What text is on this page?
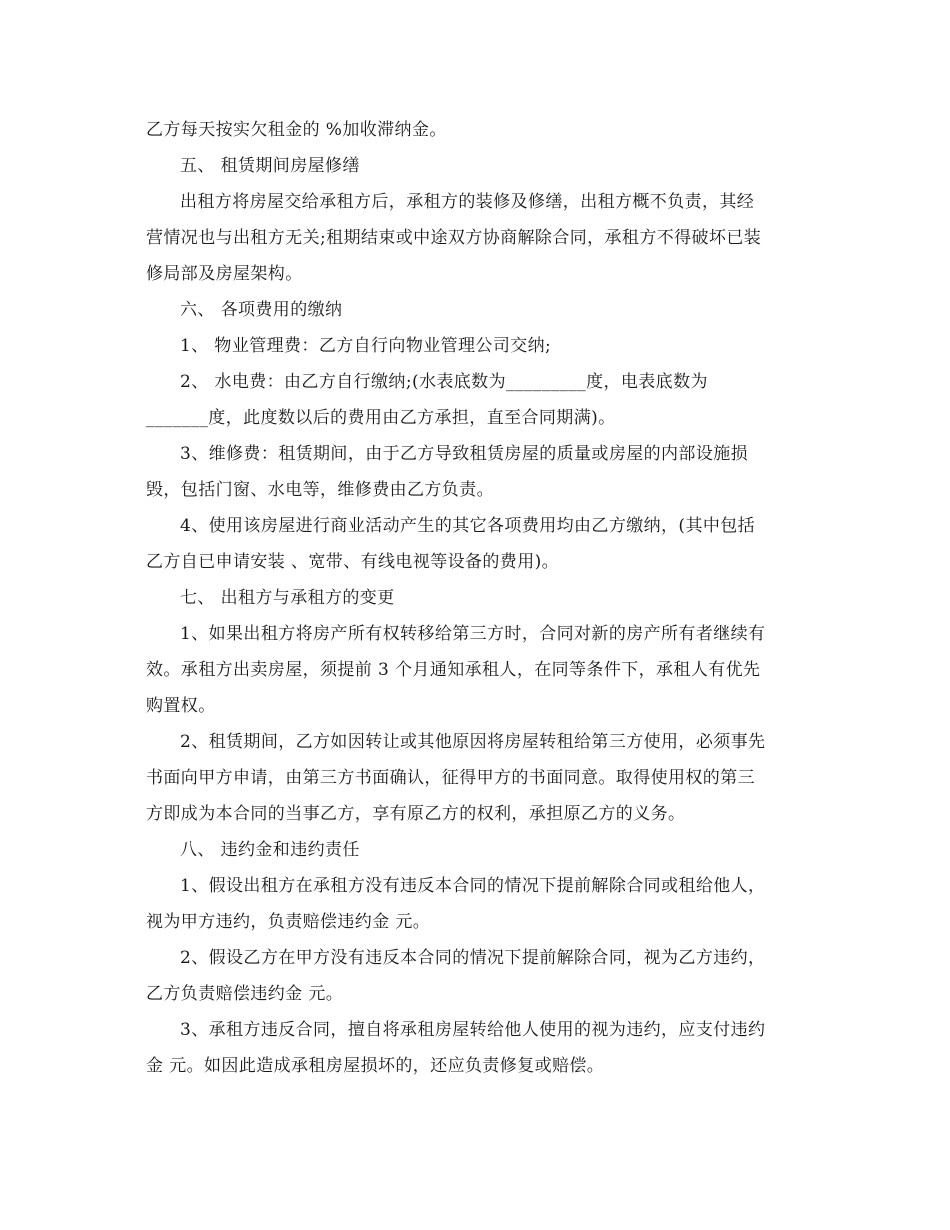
乙方每天按实欠租金的 %加收滞纳金。
五、 租赁期间房屋修缮
出租方将房屋交给承租方后，承租方的装修及修缮，出租方概不负责，其经
营情况也与出租方无关;租期结束或中途双方协商解除合同，承租方不得破坏已装
修局部及房屋架构。
六、 各项费用的缴纳
1、 物业管理费：乙方自行向物业管理公司交纳;
2、 水电费：由乙方自行缴纳;(水表底数为_________度，电表底数为
_______度，此度数以后的费用由乙方承担，直至合同期满)。
3、维修费：租赁期间，由于乙方导致租赁房屋的质量或房屋的内部设施损
毁，包括门窗、水电等，维修费由乙方负责。
4、使用该房屋进行商业活动产生的其它各项费用均由乙方缴纳，(其中包括
乙方自已申请安装 、宽带、有线电视等设备的费用)。
七、 出租方与承租方的变更
1、如果出租方将房产所有权转移给第三方时，合同对新的房产所有者继续有
效。承租方出卖房屋，须提前 3 个月通知承租人，在同等条件下，承租人有优先
购置权。
2、租赁期间，乙方如因转让或其他原因将房屋转租给第三方使用，必须事先
书面向甲方申请，由第三方书面确认，征得甲方的书面同意。取得使用权的第三
方即成为本合同的当事乙方，享有原乙方的权利，承担原乙方的义务。
八、 违约金和违约责任
1、假设出租方在承租方没有违反本合同的情况下提前解除合同或租给他人，
视为甲方违约，负责赔偿违约金 元。
2、假设乙方在甲方没有违反本合同的情况下提前解除合同，视为乙方违约，
乙方负责赔偿违约金 元。
3、承租方违反合同，擅自将承租房屋转给他人使用的视为违约，应支付违约
金 元。如因此造成承租房屋损坏的，还应负责修复或赔偿。
